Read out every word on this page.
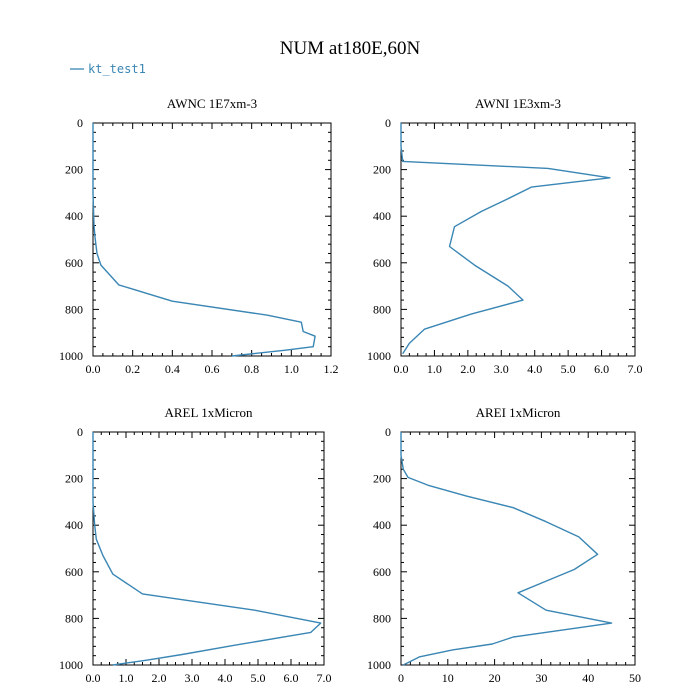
NUM at180E,60N
kt_test1
AWNC 1E7xm-3
0.0 0.2 0.4 0.6 0.8 1.0 1.2
0
200
400
600
800
1000
AWNI 1E3xm-3
0.0 1.0 2.0 3.0 4.0 5.0 6.0 7.0
0
200
400
600
800
1000
AREL 1xMicron
0.0 1.0 2.0 3.0 4.0 5.0 6.0 7.0
0
200
400
600
800
1000
AREI 1xMicron
0	10	20	30	40	50
0
200
400
600
800
1000
